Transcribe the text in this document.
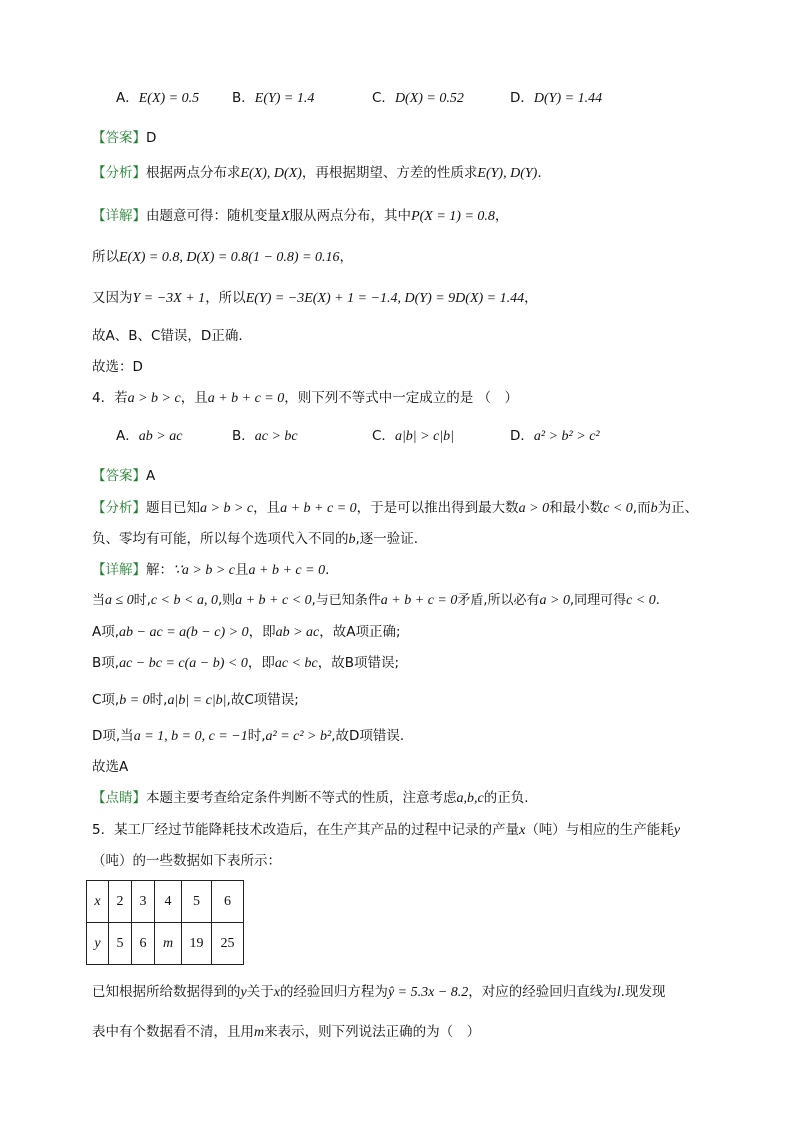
A．E(X) = 0.5 B．E(Y) = 1.4	C．D(X) = 0.52	D．D(Y) = 1.44
【答案】D
【分析】根据两点分布求E(X), D(X)，再根据期望、方差的性质求E(Y), D(Y).
【详解】由题意可得：随机变量X服从两点分布，其中P(X = 1) = 0.8，
所以E(X) = 0.8, D(X) = 0.8(1 − 0.8) = 0.16，
又因为Y = −3X + 1，所以E(Y) = −3E(X) + 1 = −1.4, D(Y) = 9D(X) = 1.44，
故A、B、C错误，D正确.
故选：D
4．若a > b > c，且a + b + c = 0，则下列不等式中一定成立的是 （　）
A．ab > ac	B．ac > bc	C．a|b| > c|b|	D．a² > b² > c²
【答案】A
【分析】题目已知a > b > c，且a + b + c = 0，于是可以推出得到最大数a > 0和最小数c < 0,而b为正、
负、零均有可能，所以每个选项代入不同的b,逐一验证.
【详解】解：∵a > b > c且a + b + c = 0.
当a ≤ 0时,c < b < a, 0,则a + b + c < 0,与已知条件a + b + c = 0矛盾,所以必有a > 0,同理可得c < 0.
A项,ab − ac = a(b − c) > 0，即ab > ac，故A项正确;
B项,ac − bc = c(a − b) < 0，即ac < bc，故B项错误;
C项,b = 0时,a|b| = c|b|,故C项错误;
D项,当a = 1, b = 0, c = −1时,a² = c² > b²,故D项错误.
故选A
【点睛】本题主要考查给定条件判断不等式的性质，注意考虑a,b,c的正负.
5．某工厂经过节能降耗技术改造后，在生产其产品的过程中记录的产量x（吨）与相应的生产能耗y
（吨）的一些数据如下表所示：
x	2	3	4	5	6
y	5	6	m	19	25
已知根据所给数据得到的y关于x的经验回归方程为ŷ = 5.3x − 8.2，对应的经验回归直线为l.现发现
表中有个数据看不清，且用m来表示，则下列说法正确的为（　）
